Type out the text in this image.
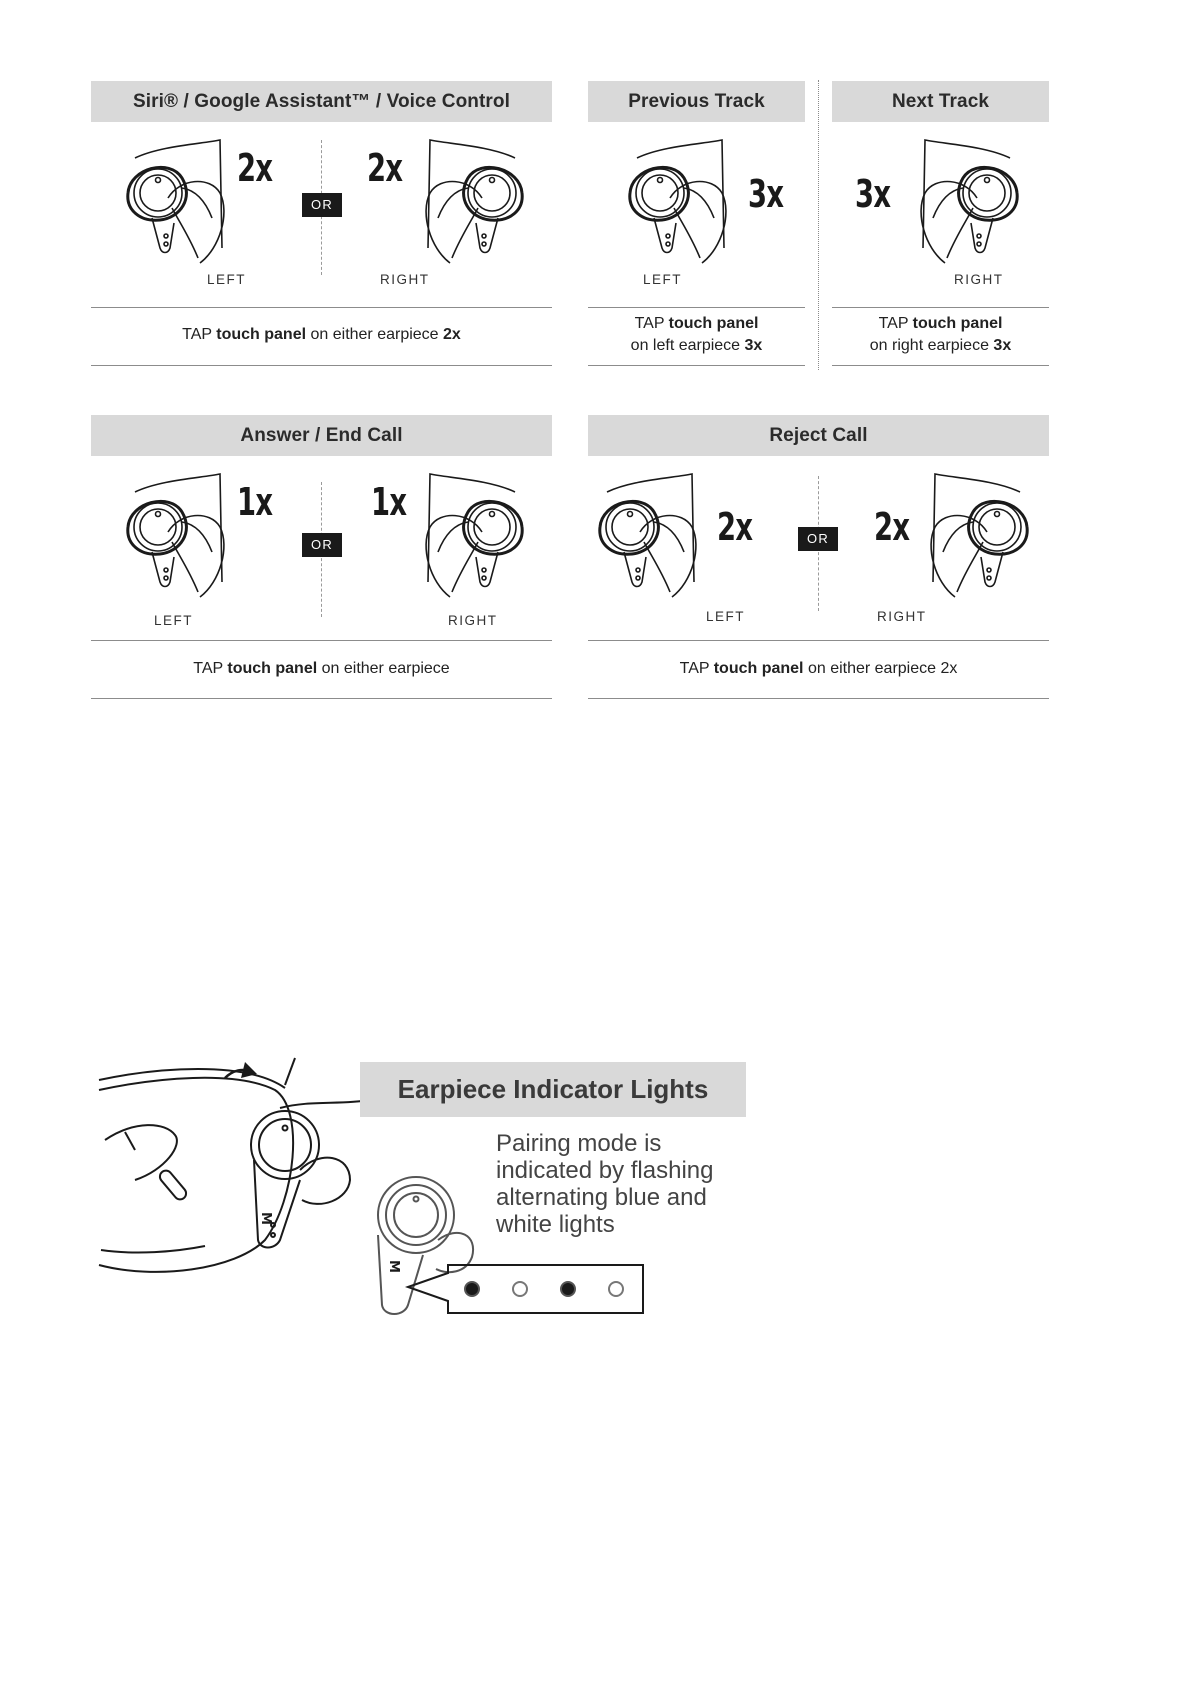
Siri® / Google Assistant™ / Voice Control
2x
LEFT
OR
2x
RIGHT
TAP touch panel on either earpiece 2x
Previous Track
3x
LEFT
TAP touch panel
on left earpiece 3x
Next Track
3x
RIGHT
TAP touch panel
on right earpiece 3x
Answer / End Call
1x
LEFT
OR
1x
RIGHT
TAP touch panel on either earpiece
Reject Call
2x
LEFT
OR 2x
RIGHT
TAP touch panel on either earpiece 2x
M
Earpiece Indicator Lights
Pairing mode is indicated by flashing alternating blue and white lights
M
